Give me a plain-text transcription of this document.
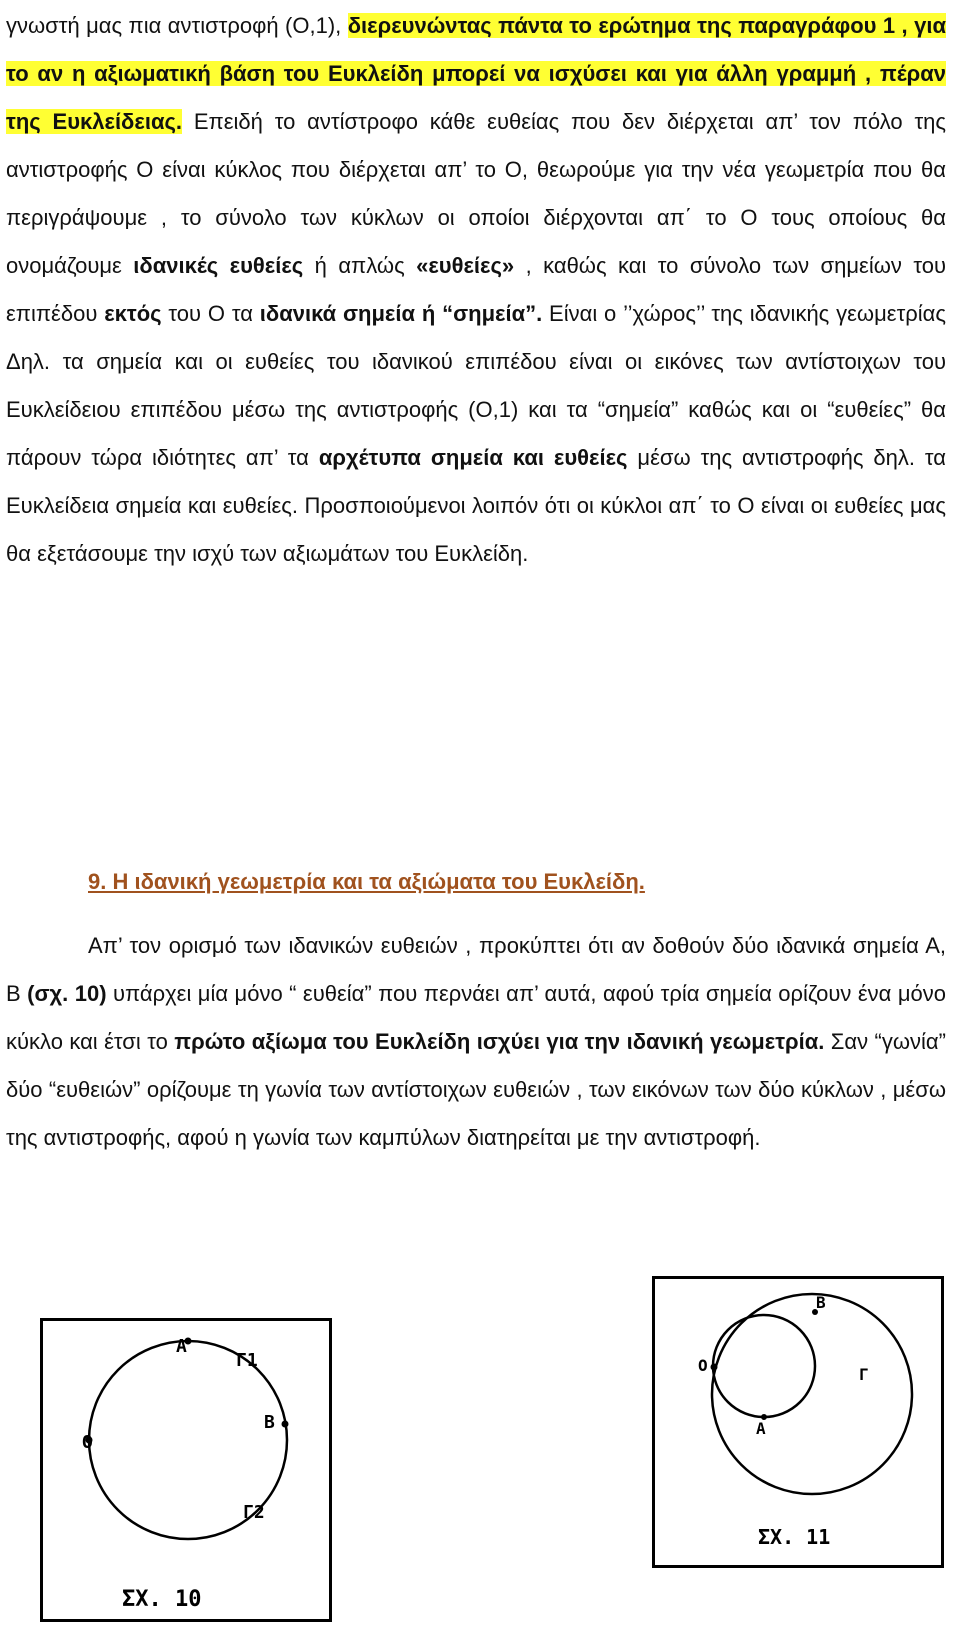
γνωστή μας πια αντιστροφή (Ο,1), διερευνώντας πάντα το ερώτημα της παραγράφου 1 , για το αν η αξιωματική βάση του Ευκλείδη μπορεί να ισχύσει και για άλλη γραμμή , πέραν της Ευκλείδειας. Επειδή το αντίστροφο κάθε ευθείας που δεν διέρχεται απ’ τον πόλο της αντιστροφής Ο είναι κύκλος που διέρχεται απ’ το Ο, θεωρούμε για την νέα γεωμετρία που θα περιγράψουμε , το σύνολο των κύκλων οι οποίοι διέρχονται απ΄ το Ο τους οποίους θα ονομάζουμε ιδανικές ευθείες ή απλώς «ευθείες» , καθώς και το σύνολο των σημείων του επιπέδου εκτός του Ο τα ιδανικά σημεία ή “σημεία”. Είναι ο ’’χώρος’’ της ιδανικής γεωμετρίας Δηλ. τα σημεία και οι ευθείες του ιδανικού επιπέδου είναι οι εικόνες των αντίστοιχων του Ευκλείδειου επιπέδου μέσω της αντιστροφής (Ο,1) και τα “σημεία” καθώς και οι “ευθείες” θα πάρουν τώρα ιδιότητες απ’ τα αρχέτυπα σημεία και ευθείες μέσω της αντιστροφής δηλ. τα Ευκλείδεια σημεία και ευθείες. Προσποιούμενοι λοιπόν ότι οι κύκλοι απ΄ το Ο είναι οι ευθείες μας θα εξετάσουμε την ισχύ των αξιωμάτων του Ευκλείδη.

9. Η ιδανική γεωμετρία και τα αξιώματα του Ευκλείδη.

Απ’ τον ορισμό των ιδανικών ευθειών , προκύπτει ότι αν δοθούν δύο ιδανικά σημεία Α, Β (σχ. 10) υπάρχει μία μόνο “ ευθεία” που περνάει απ’ αυτά, αφού τρία σημεία ορίζουν ένα μόνο κύκλο και έτσι το πρώτο αξίωμα του Ευκλείδη ισχύει για την ιδανική γεωμετρία. Σαν “γωνία” δύο “ευθειών” ορίζουμε τη γωνία των αντίστοιχων ευθειών , των εικόνων των δύο κύκλων , μέσω της αντιστροφής, αφού η γωνία των καμπύλων διατηρείται με την αντιστροφή.

Ο
Α
Γ1
Β
Γ2
ΣΧ. 10
Β
Ο	Γ
Α
ΣΧ. 11
